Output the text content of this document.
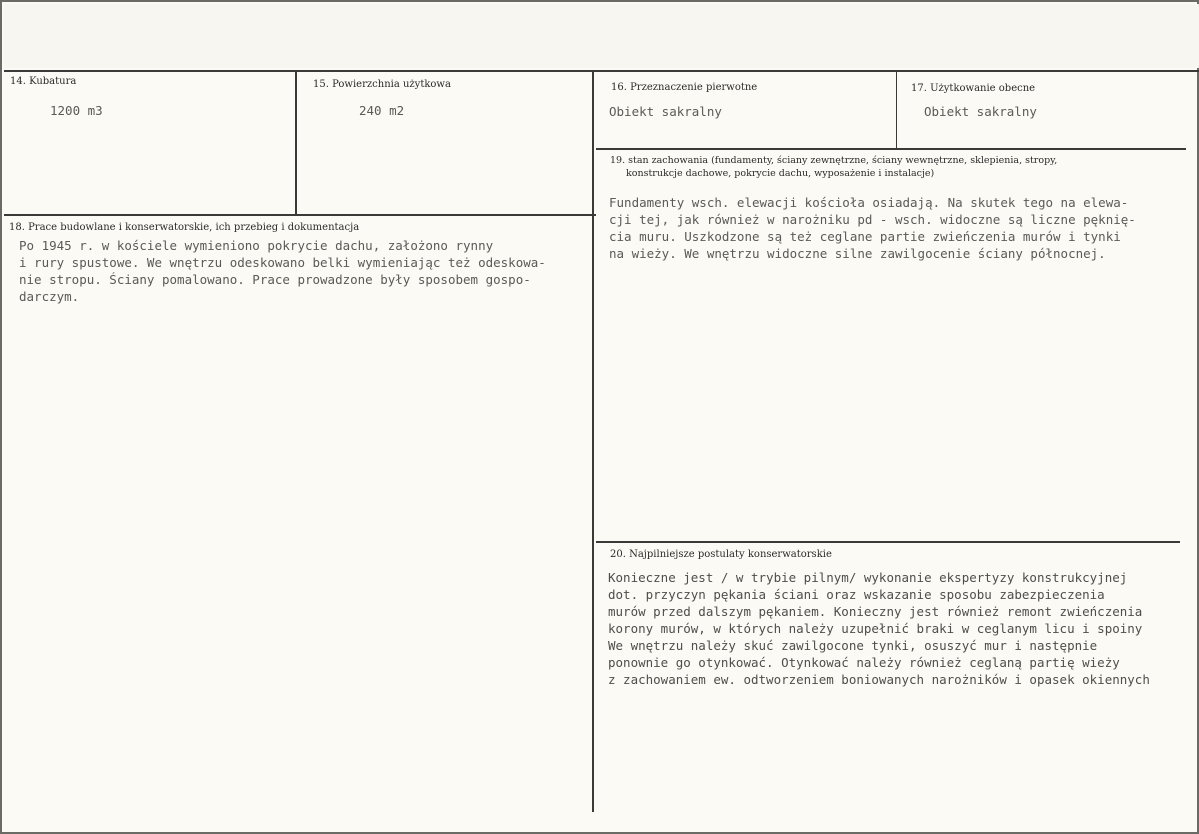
14. Kubatura
1200 m3
15. Powierzchnia użytkowa
240 m2
16. Przeznaczenie pierwotne
Obiekt sakralny
17. Użytkowanie obecne
Obiekt sakralny
18. Prace budowlane i konserwatorskie, ich przebieg i dokumentacja
Po 1945 r. w kościele wymieniono pokrycie dachu, założono rynny
i rury spustowe. We wnętrzu odeskowano belki wymieniając też odeskowa-
nie stropu. Ściany pomalowano. Prace prowadzone były sposobem gospo-
darczym.
19. stan zachowania (fundamenty, ściany zewnętrzne, ściany wewnętrzne, sklepienia, stropy,
konstrukcje dachowe, pokrycie dachu, wyposażenie i instalacje)
Fundamenty wsch. elewacji kościoła osiadają. Na skutek tego na elewa-
cji tej, jak również w narożniku pd - wsch. widoczne są liczne pęknię-
cia muru. Uszkodzone są też ceglane partie zwieńczenia murów i tynki
na wieży. We wnętrzu widoczne silne zawilgocenie ściany północnej.
20. Najpilniejsze postulaty konserwatorskie
Konieczne jest / w trybie pilnym/ wykonanie ekspertyzy konstrukcyjnej
dot. przyczyn pękania ściani oraz wskazanie sposobu zabezpieczenia
murów przed dalszym pękaniem. Konieczny jest również remont zwieńczenia
korony murów, w których należy uzupełnić braki w ceglanym licu i spoiny
We wnętrzu należy skuć zawilgocone tynki, osuszyć mur i następnie
ponownie go otynkować. Otynkować należy również ceglaną partię wieży
z zachowaniem ew. odtworzeniem boniowanych narożników i opasek okiennych
